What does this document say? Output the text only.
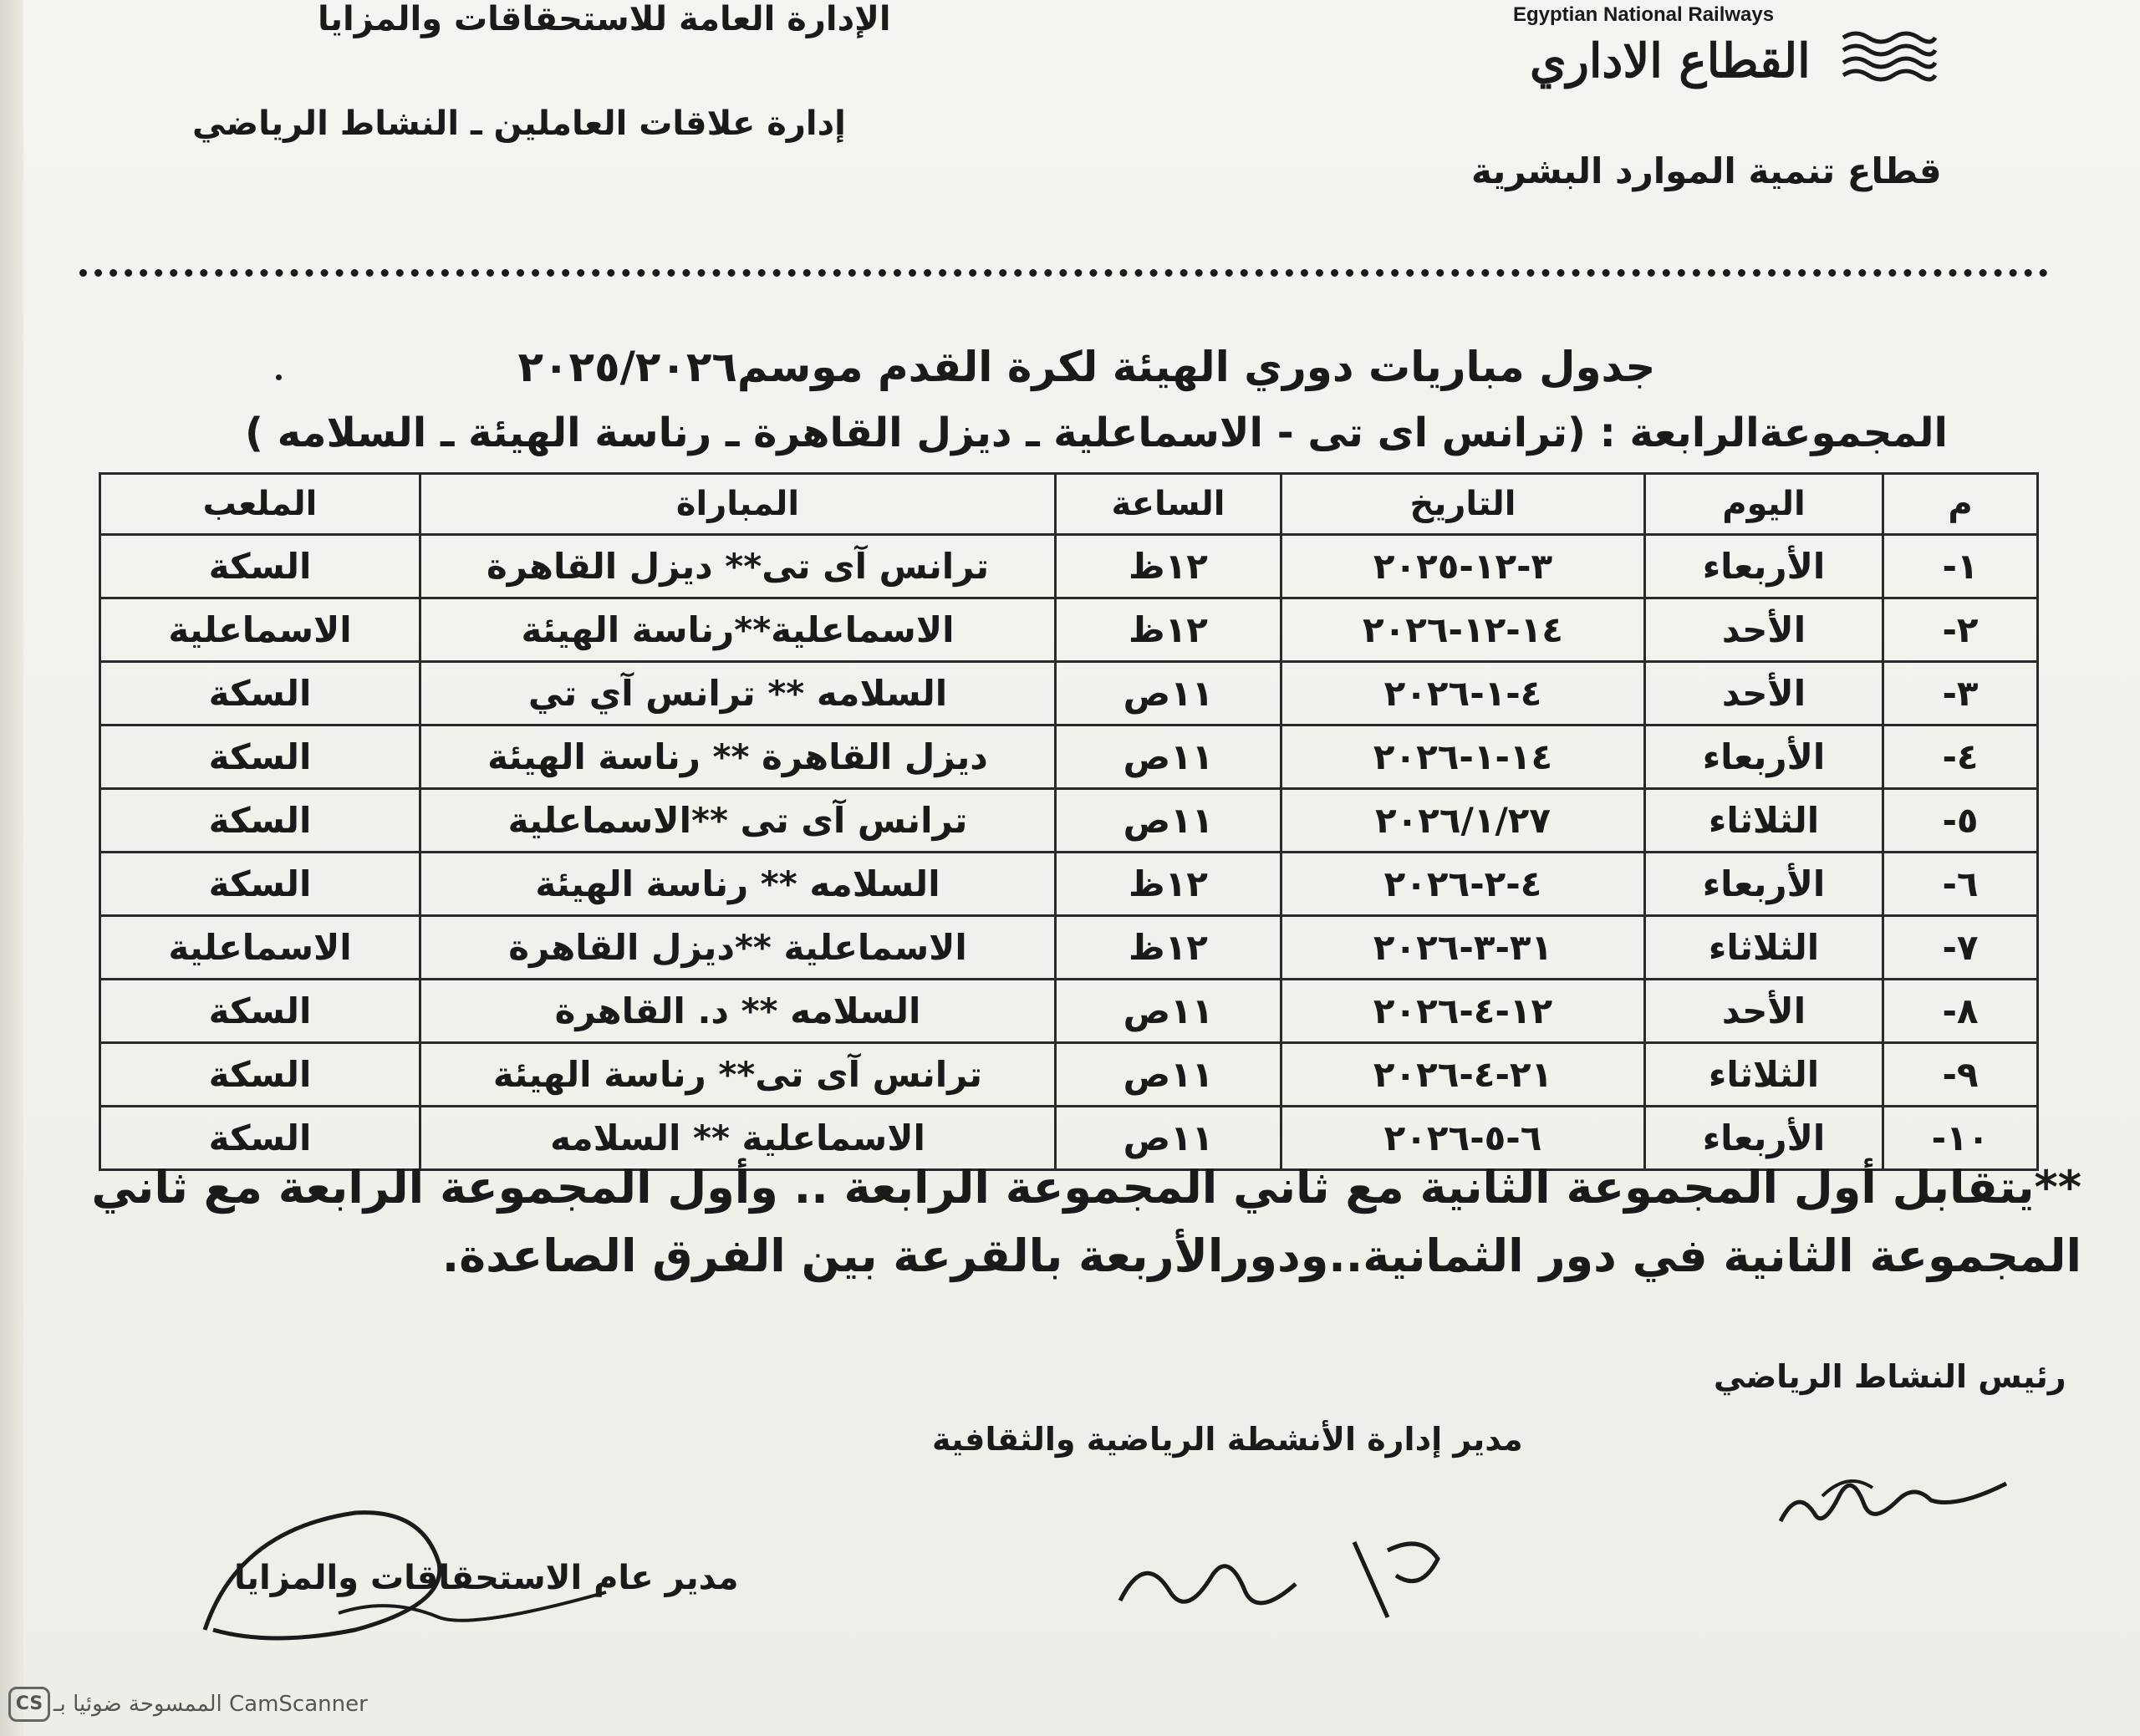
Egyptian National Railways
القطاع الاداري
الإدارة العامة للاستحقاقات والمزايا
إدارة علاقات العاملين ـ النشاط الرياضي
قطاع تنمية الموارد البشرية
جدول مباريات دوري الهيئة لكرة القدم موسم٢٠٢٥/٢٠٢٦
المجموعةالرابعة : (ترانس اى تى - الاسماعلية ـ ديزل القاهرة ـ رناسة الهيئة ـ السلامه )
م	اليوم	التاريخ	الساعة	المباراة	الملعب
١-	الأربعاء	٣-١٢-٢٠٢٥	١٢ظ	ترانس آى تى** ديزل القاهرة	السكة
٢-	الأحد	١٤-١٢-٢٠٢٦	١٢ظ	الاسماعلية**رناسة الهيئة	الاسماعلية
٣-	الأحد	٤-١-٢٠٢٦	١١ص	السلامه ** ترانس آي تي	السكة
٤-	الأربعاء	١٤-١-٢٠٢٦	١١ص	ديزل القاهرة ** رناسة الهيئة	السكة
٥-	الثلاثاء	٢٠٢٦/١/٢٧	١١ص	ترانس آى تى **الاسماعلية	السكة
٦-	الأربعاء	٤-٢-٢٠٢٦	١٢ظ	السلامه ** رناسة الهيئة	السكة
٧-	الثلاثاء	٣١-٣-٢٠٢٦	١٢ظ	الاسماعلية **ديزل القاهرة	الاسماعلية
٨-	الأحد	١٢-٤-٢٠٢٦	١١ص	السلامه ** د. القاهرة	السكة
٩-	الثلاثاء	٢١-٤-٢٠٢٦	١١ص	ترانس آى تى** رناسة الهيئة	السكة
١٠-	الأربعاء	٦-٥-٢٠٢٦	١١ص	الاسماعلية ** السلامه	السكة
**يتقابل أول المجموعة الثانية مع ثاني المجموعة الرابعة .. وأول المجموعة الرابعة مع ثاني المجموعة الثانية في دور الثمانية..ودورالأربعة بالقرعة بين الفرق الصاعدة.
رئيس النشاط الرياضي
مدير إدارة الأنشطة الرياضية والثقافية
مدير عام الاستحقاقات والمزايا
CS الممسوحة ضوئيا بـ CamScanner
